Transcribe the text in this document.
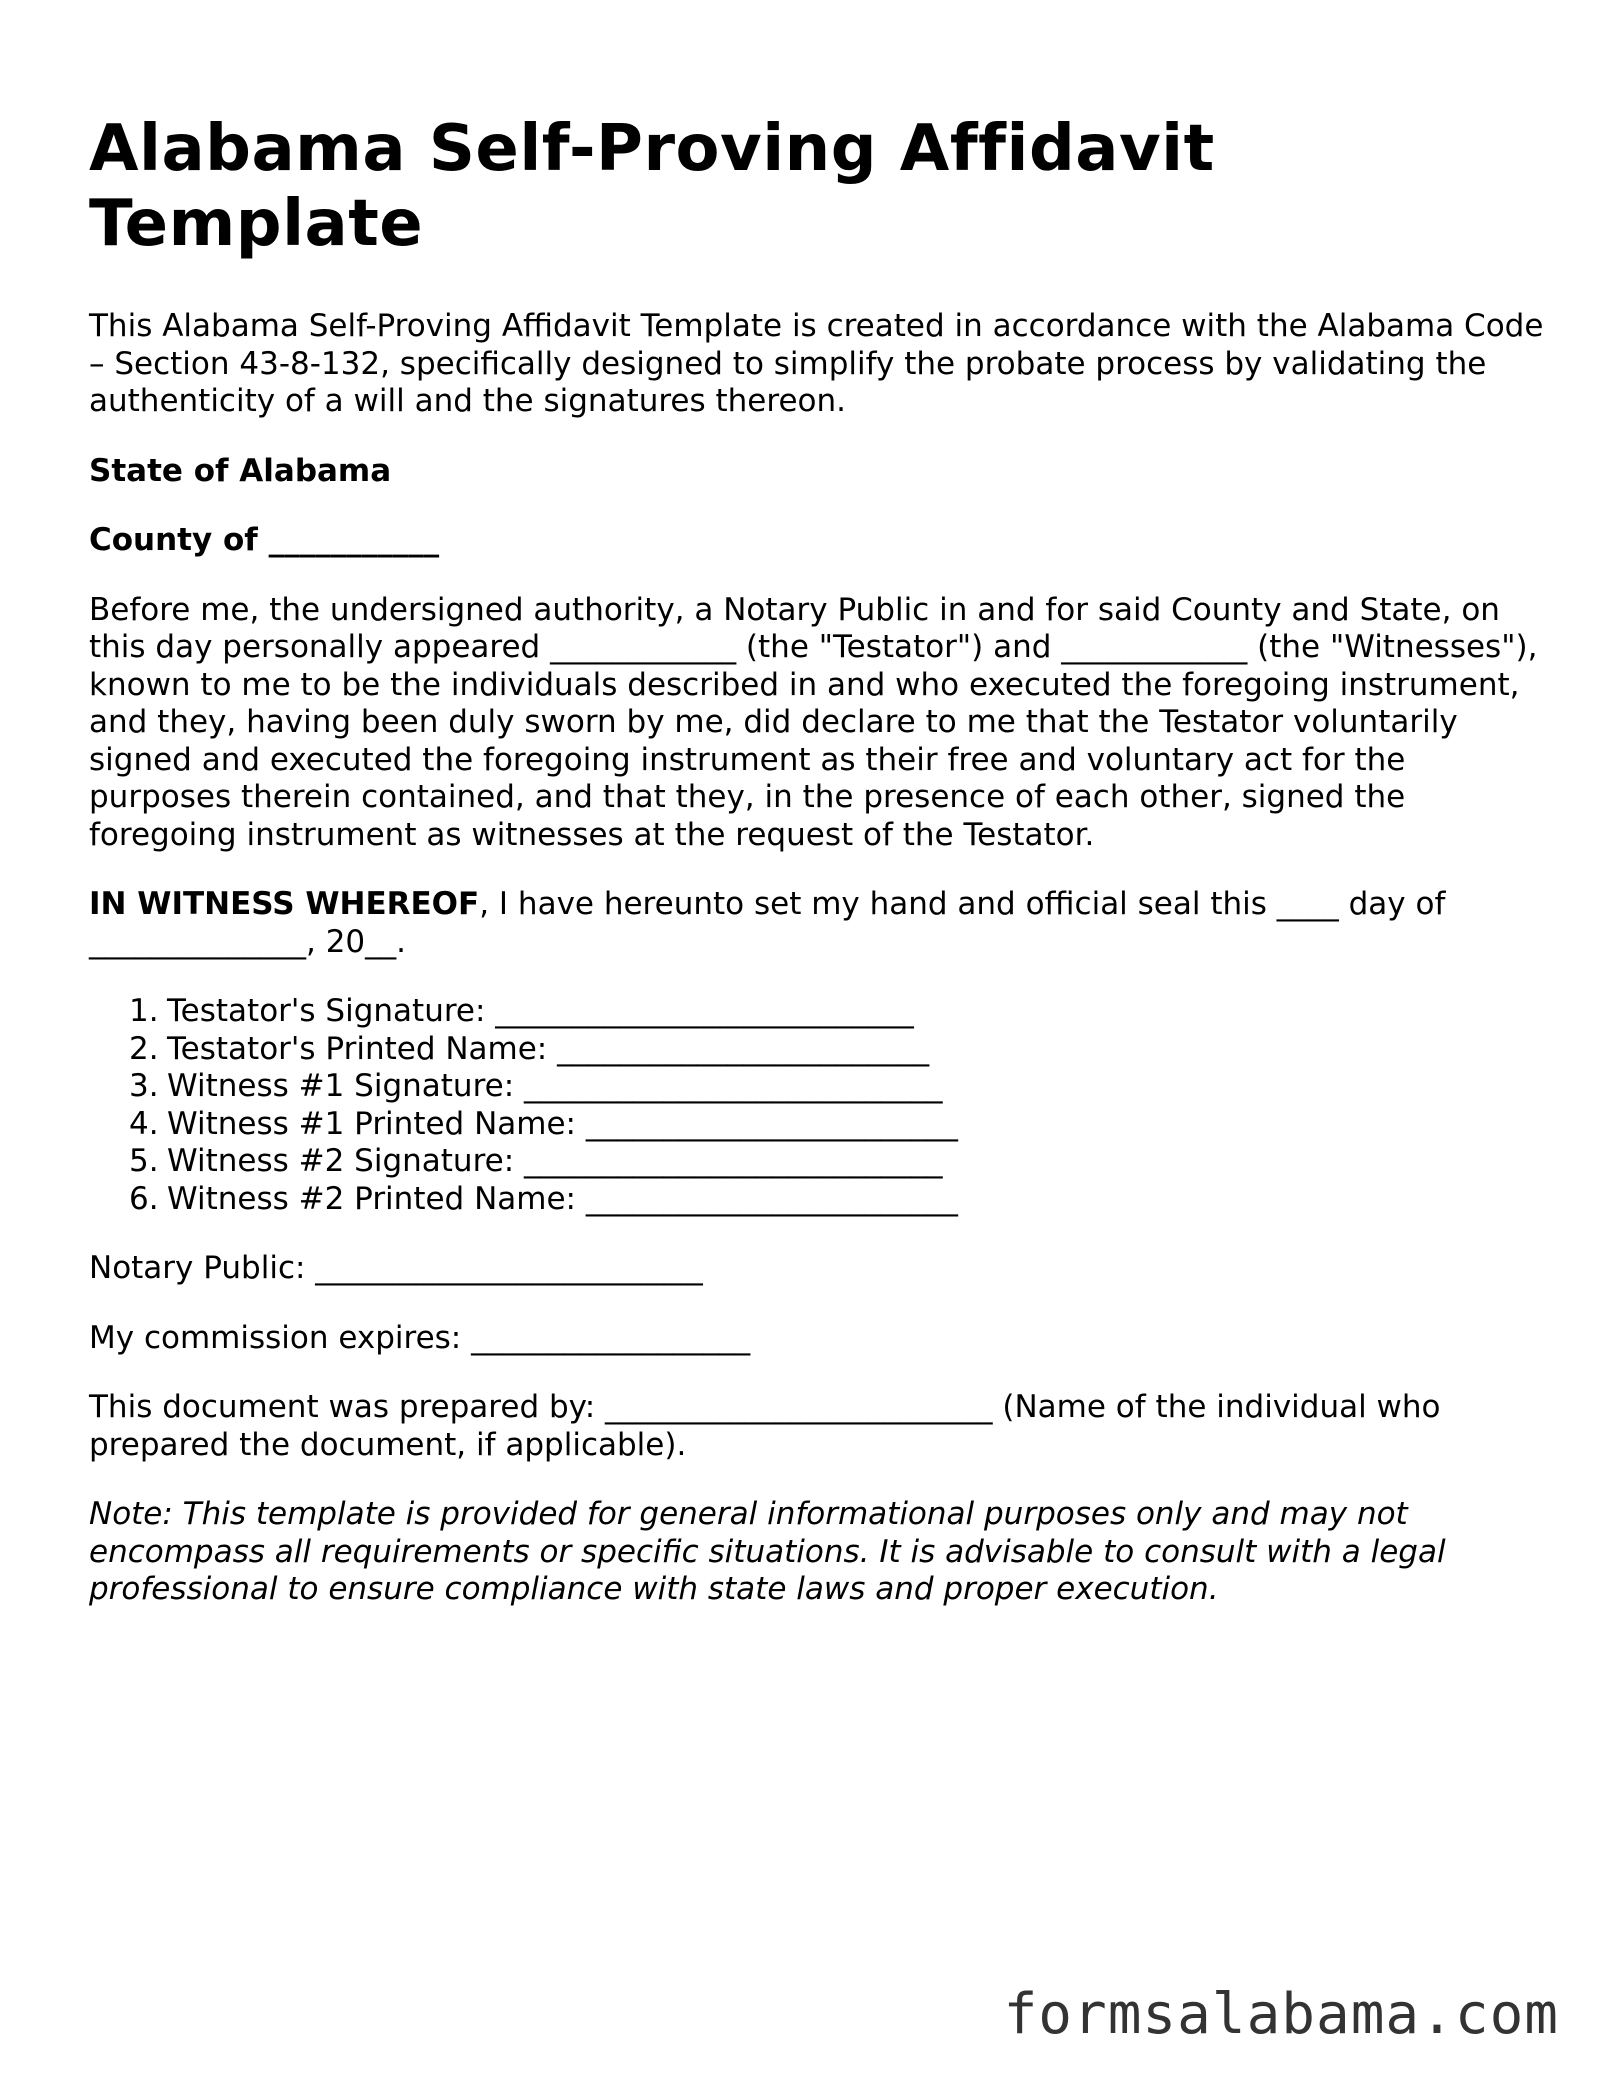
Alabama Self-Proving Affidavit Template

This Alabama Self-Proving Affidavit Template is created in accordance with the Alabama Code – Section 43-8-132, specifically designed to simplify the probate process by validating the authenticity of a will and the signatures thereon.

State of Alabama

County of ___________

Before me, the undersigned authority, a Notary Public in and for said County and State, on this day personally appeared ____________ (the "Testator") and ____________ (the "Witnesses"), known to me to be the individuals described in and who executed the foregoing instrument, and they, having been duly sworn by me, did declare to me that the Testator voluntarily signed and executed the foregoing instrument as their free and voluntary act for the purposes therein contained, and that they, in the presence of each other, signed the foregoing instrument as witnesses at the request of the Testator.

IN WITNESS WHEREOF, I have hereunto set my hand and official seal this ____ day of ______________, 20__.

1. Testator's Signature: ___________________________
2. Testator's Printed Name: ________________________
3. Witness #1 Signature: ___________________________
4. Witness #1 Printed Name: ________________________
5. Witness #2 Signature: ___________________________
6. Witness #2 Printed Name: ________________________

Notary Public: _________________________

My commission expires: __________________

This document was prepared by: _________________________ (Name of the individual who prepared the document, if applicable).

Note: This template is provided for general informational purposes only and may not encompass all requirements or specific situations. It is advisable to consult with a legal professional to ensure compliance with state laws and proper execution.

formsalabama.com
